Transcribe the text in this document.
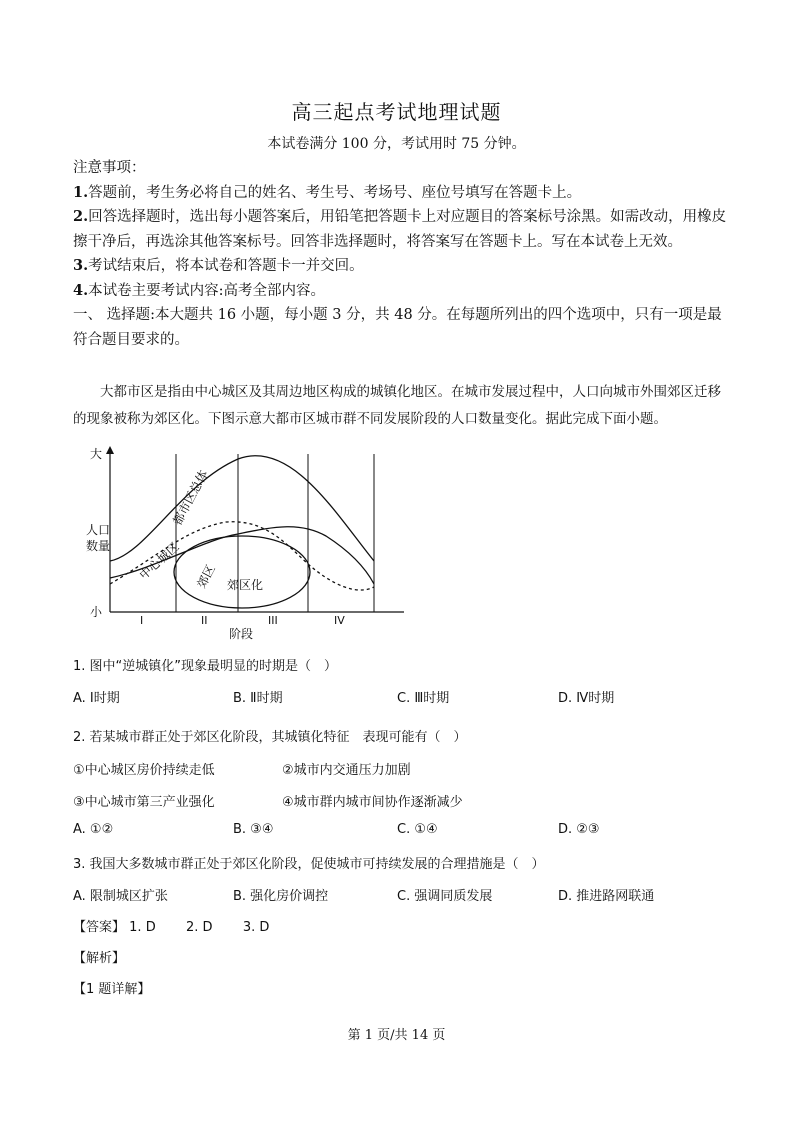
高三起点考试地理试题
本试卷满分 100 分，考试用时 75 分钟。

注意事项：

1.答题前，考生务必将自己的姓名、考生号、考场号、座位号填写在答题卡上。

2.回答选择题时，选出每小题答案后，用铅笔把答题卡上对应题目的答案标号涂黑。如需改动，用橡皮擦干净后，再选涂其他答案标号。回答非选择题时，将答案写在答题卡上。写在本试卷上无效。

3.考试结束后，将本试卷和答题卡一并交回。

4.本试卷主要考试内容:高考全部内容。

一、 选择题:本大题共 16 小题，每小题 3 分，共 48 分。在每题所列出的四个选项中，只有一项是最符合题目要求的。

大都市区是指由中心城区及其周边地区构成的城镇化地区。在城市发展过程中，人口向城市外围郊区迁移的现象被称为郊区化。下图示意大都市区城市群不同发展阶段的人口数量变化。据此完成下面小题。

大
人口
数量
小
I	II	III	IV
阶段
都市区总体
中心城区 郊区 郊区化
1. 图中“逆城镇化”现象最明显的时期是（　）
A. Ⅰ时期	B. Ⅱ时期	C. Ⅲ时期	D. Ⅳ时期
2. 若某城市群正处于郊区化阶段，其城镇化特征　表现可能有（　）
①中心城区房价持续走低	②城市内交通压力加剧
③中心城市第三产业强化	④城市群内城市间协作逐渐减少
A. ①②	B. ③④	C. ①④	D. ②③
3. 我国大多数城市群正处于郊区化阶段，促使城市可持续发展的合理措施是（　）
A. 限制城区扩张	B. 强化房价调控	C. 强调同质发展	D. 推进路网联通
【答案】 1. D 2. D 3. D
【解析】
【1 题详解】
第 1 页/共 14 页
